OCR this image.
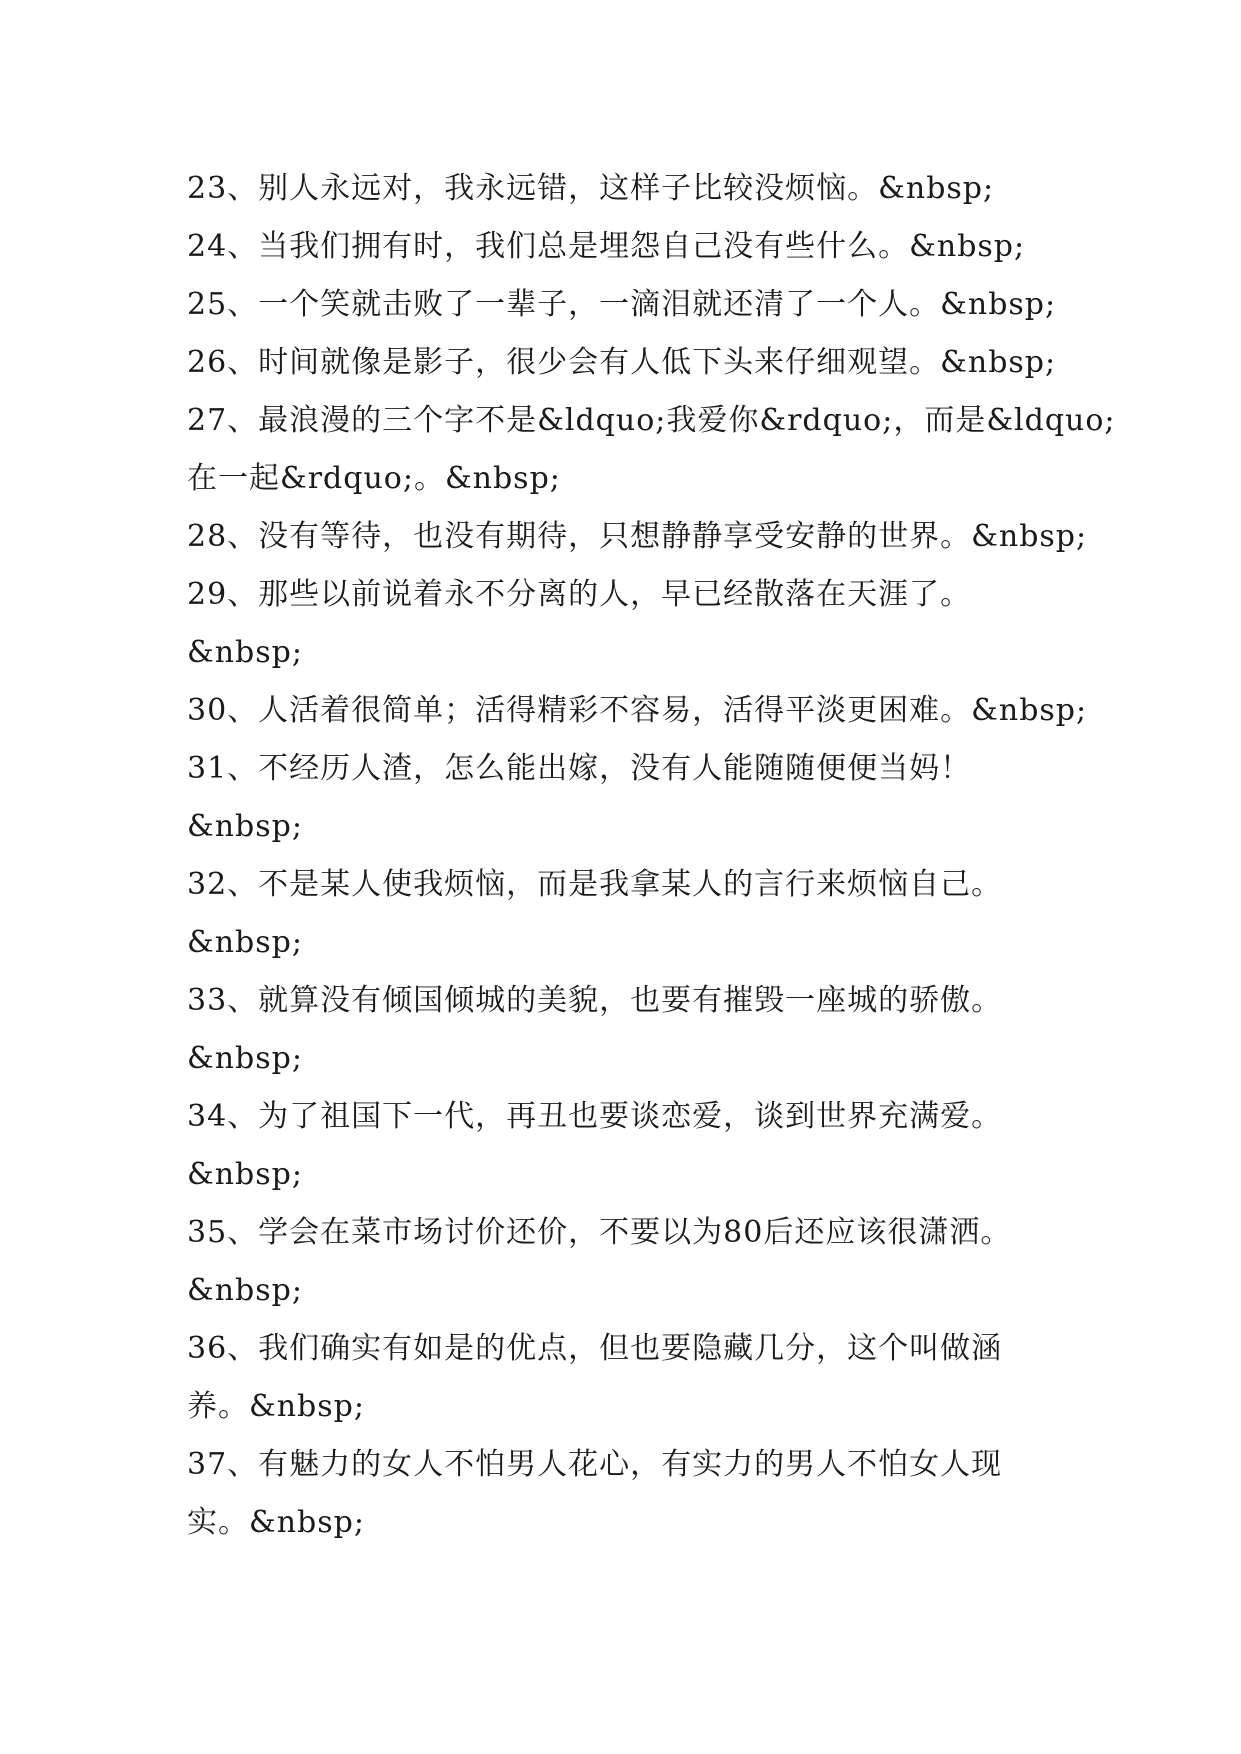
23、别人永远对，我永远错，这样子比较没烦恼。&nbsp;
24、当我们拥有时，我们总是埋怨自己没有些什么。&nbsp;
25、一个笑就击败了一辈子，一滴泪就还清了一个人。&nbsp;
26、时间就像是影子，很少会有人低下头来仔细观望。&nbsp;
27、最浪漫的三个字不是&ldquo;我爱你&rdquo;，而是&ldquo;
在一起&rdquo;。&nbsp;
28、没有等待，也没有期待，只想静静享受安静的世界。&nbsp;
29、那些以前说着永不分离的人，早已经散落在天涯了。
&nbsp;
30、人活着很简单；活得精彩不容易，活得平淡更困难。&nbsp;
31、不经历人渣，怎么能出嫁，没有人能随随便便当妈！
&nbsp;
32、不是某人使我烦恼，而是我拿某人的言行来烦恼自己。
&nbsp;
33、就算没有倾国倾城的美貌，也要有摧毁一座城的骄傲。
&nbsp;
34、为了祖国下一代，再丑也要谈恋爱，谈到世界充满爱。
&nbsp;
35、学会在菜市场讨价还价，不要以为80后还应该很潇洒。
&nbsp;
36、我们确实有如是的优点，但也要隐藏几分，这个叫做涵
养。&nbsp;
37、有魅力的女人不怕男人花心，有实力的男人不怕女人现
实。&nbsp;
